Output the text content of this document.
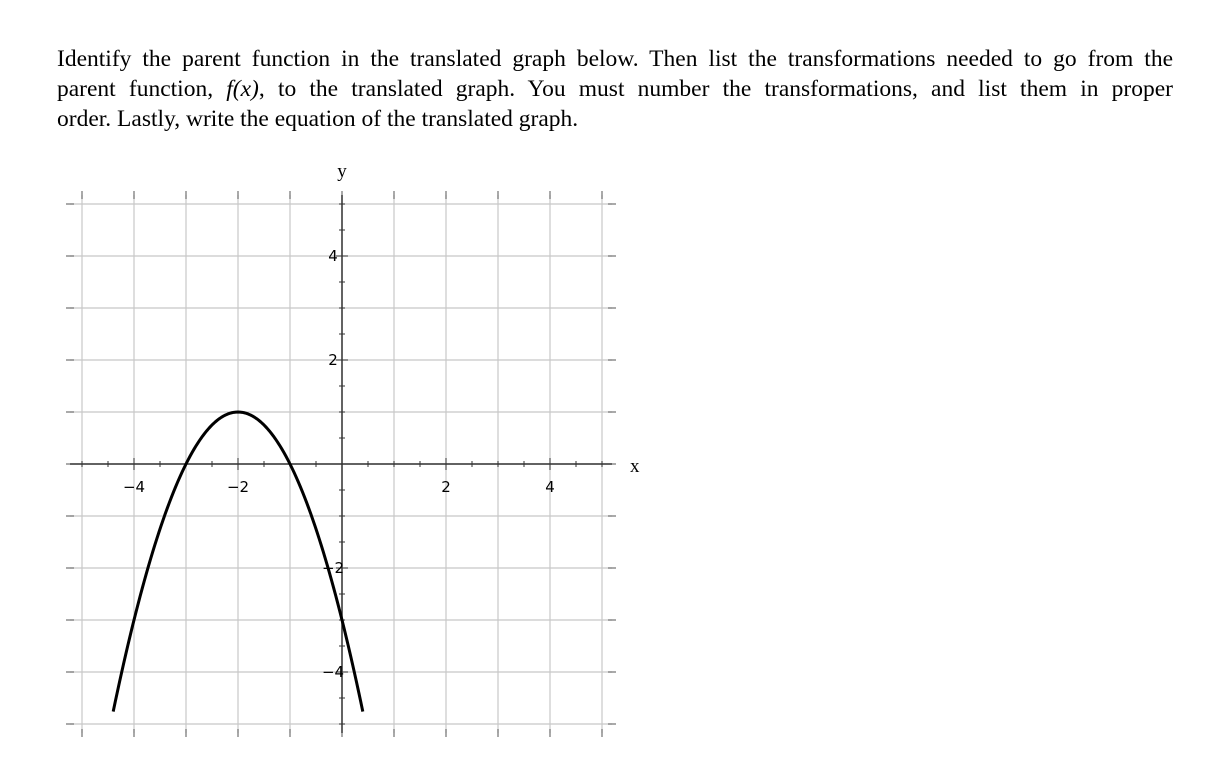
Identify the parent function in the translated graph below. Then list the transformations needed to go from the
parent function, f(x), to the translated graph. You must number the transformations, and list them in proper
order. Lastly, write the equation of the translated graph.
−4	−2	2	4
4
2
−2
−4
x
y
